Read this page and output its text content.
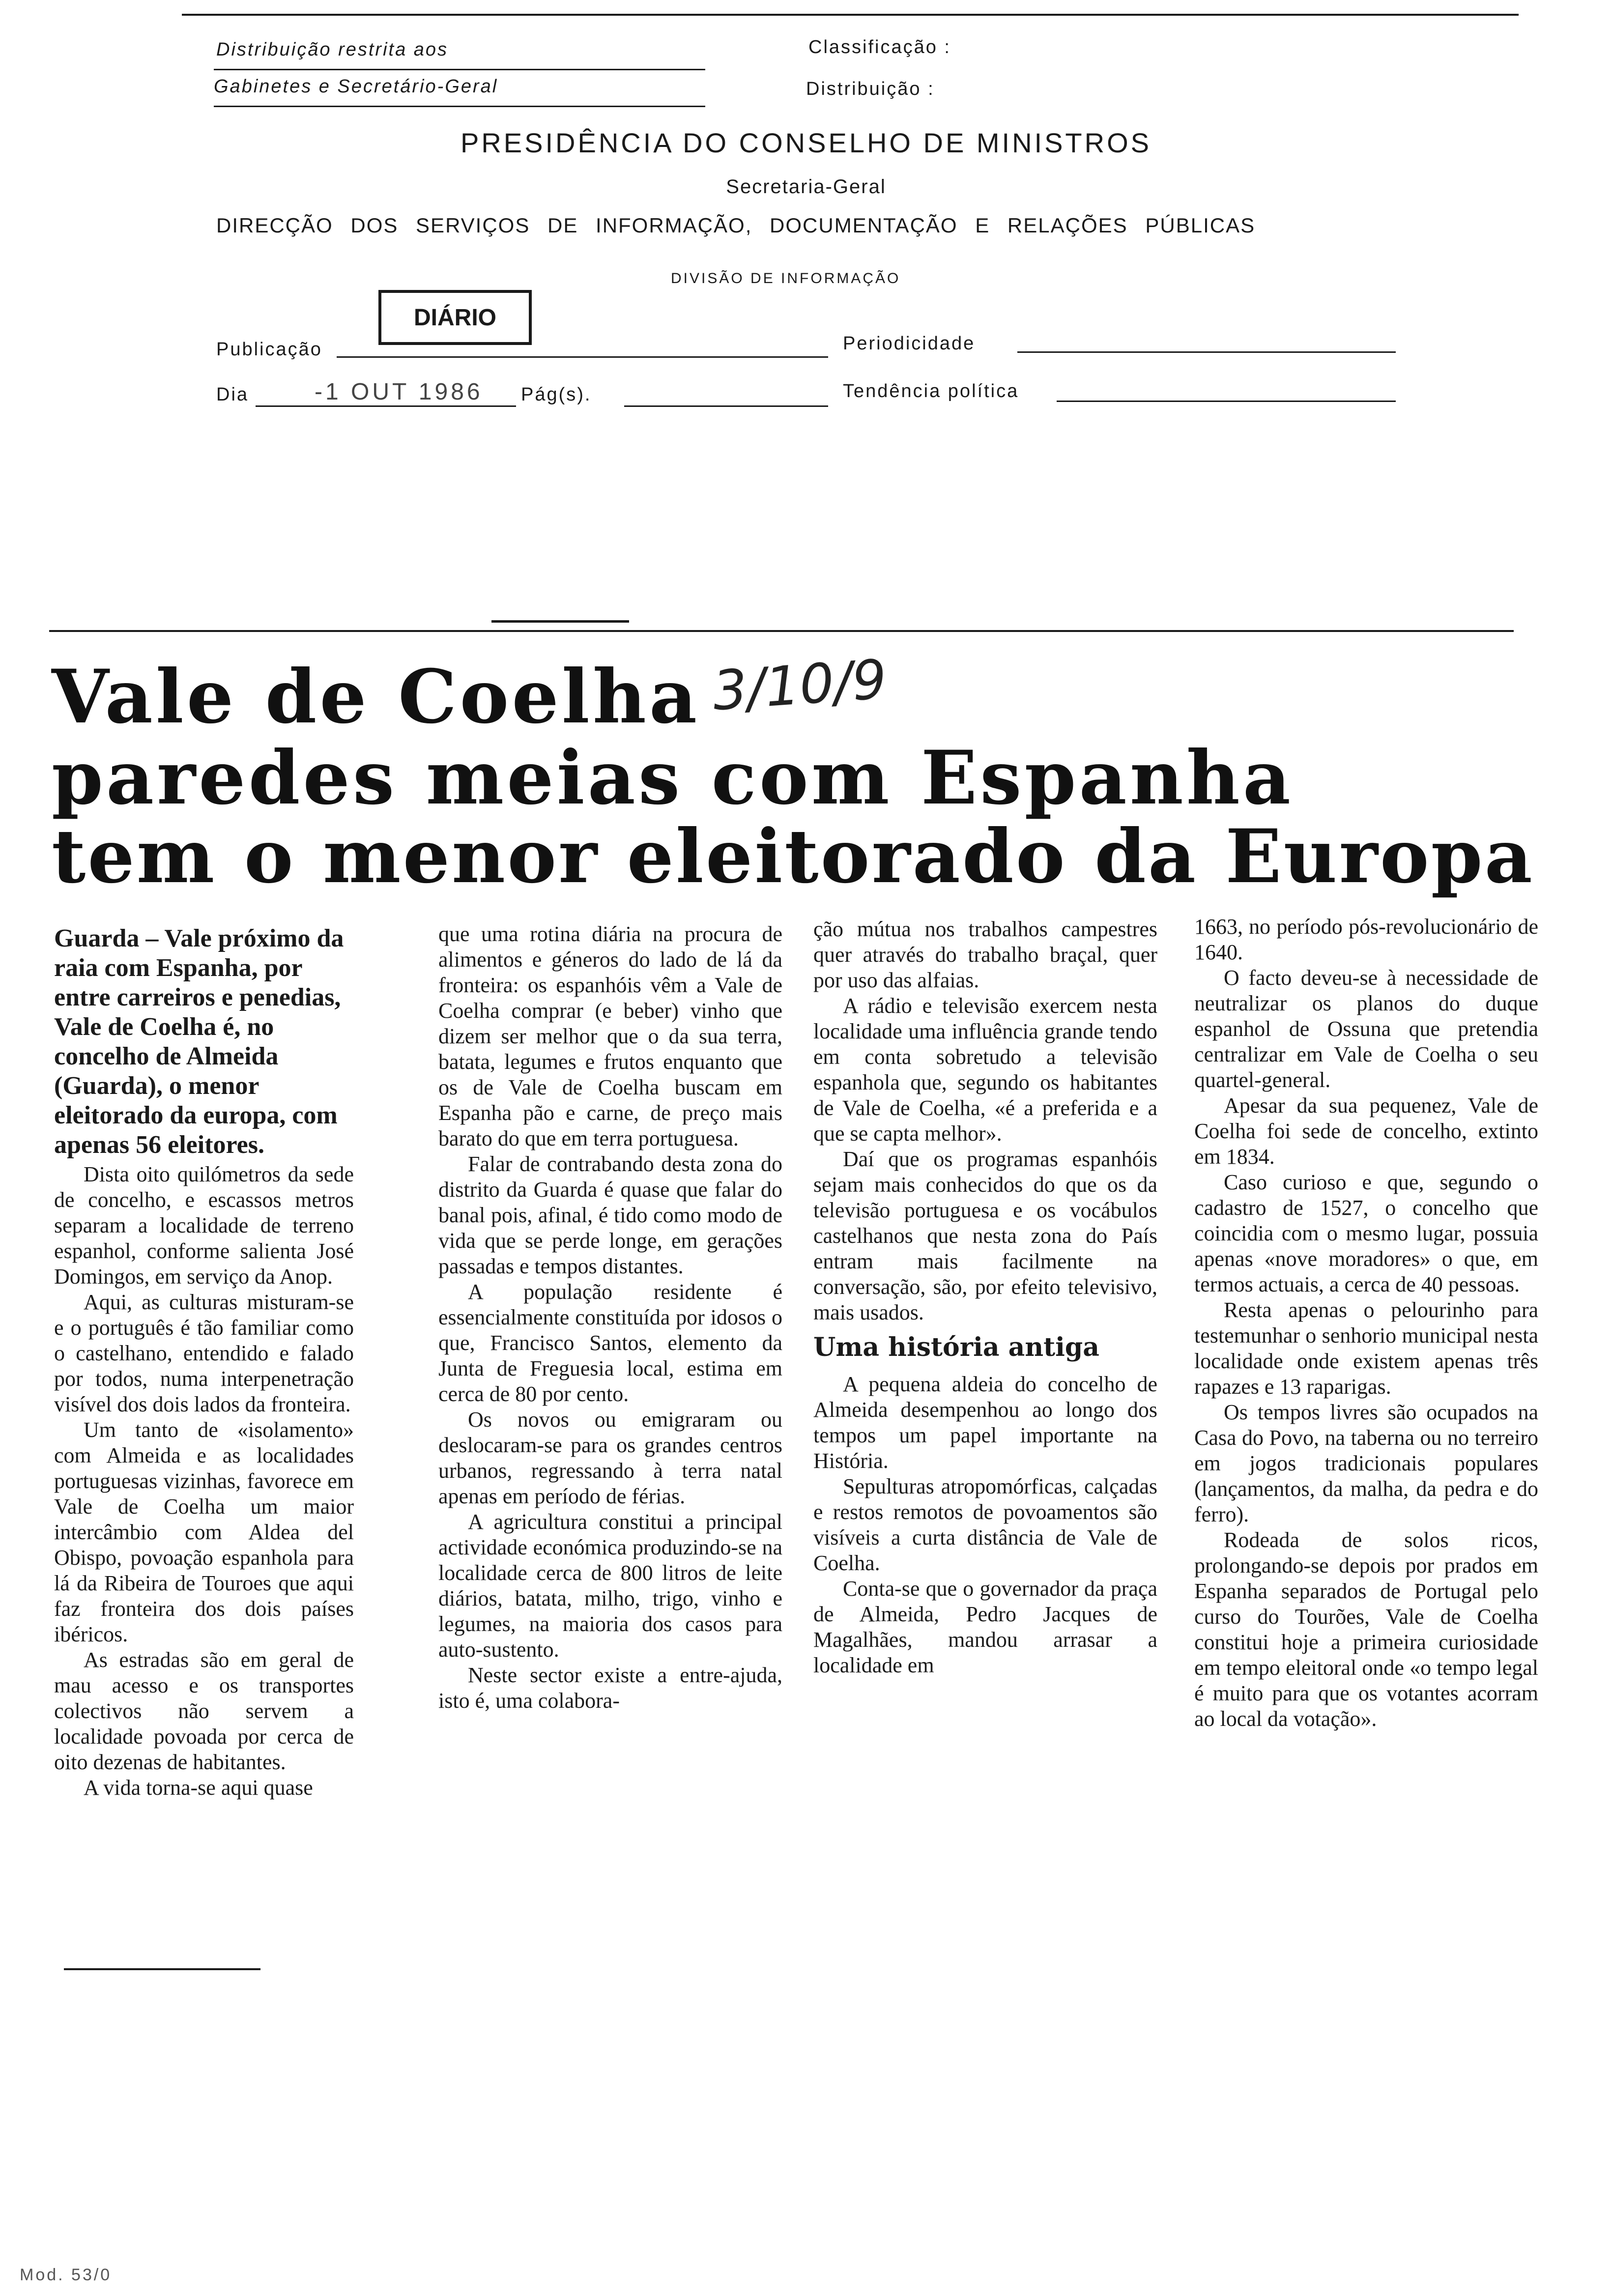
Distribuição restrita aos
Gabinetes e Secretário-Geral
Classificação :
Distribuição :
PRESIDÊNCIA DO CONSELHO DE MINISTROS
Secretaria-Geral
DIRECÇÃO DOS SERVIÇOS DE INFORMAÇÃO, DOCUMENTAÇÃO E RELAÇÕES PÚBLICAS
DIVISÃO DE INFORMAÇÃO
DIÁRIO
Publicação	Periodicidade
Dia	-1 OUT 1986 Pág(s).	Tendência política
Vale de Coelha
paredes meias com Espanha
tem o menor eleitorado da Europa
3/10/9
Guarda – Vale próximo da raia com Espanha, por entre carreiros e penedias, Vale de Coelha é, no concelho de Almeida (Guarda), o menor eleitorado da europa, com apenas 56 eleitores.

Dista oito quilómetros da sede de concelho, e escassos metros separam a localidade de terreno espanhol, conforme salienta José Domingos, em serviço da Anop.

Aqui, as culturas misturam-se e o português é tão familiar como o castelhano, entendido e falado por todos, numa interpenetração visível dos dois lados da fronteira.

Um tanto de «isolamento» com Almeida e as localidades portuguesas vizinhas, favorece em Vale de Coelha um maior intercâmbio com Aldea del Obispo, povoação espanhola para lá da Ribeira de Touroes que aqui faz fronteira dos dois países ibéricos.

As estradas são em geral de mau acesso e os transportes colectivos não servem a localidade povoada por cerca de oito dezenas de habitantes.

A vida torna-se aqui quase

que uma rotina diária na procura de alimentos e géneros do lado de lá da fronteira: os espanhóis vêm a Vale de Coelha comprar (e beber) vinho que dizem ser melhor que o da sua terra, batata, legumes e frutos enquanto que os de Vale de Coelha buscam em Espanha pão e carne, de preço mais barato do que em terra portuguesa.

Falar de contrabando desta zona do distrito da Guarda é quase que falar do banal pois, afinal, é tido como modo de vida que se perde longe, em gerações passadas e tempos distantes.

A população residente é essencialmente constituída por idosos o que, Francisco Santos, elemento da Junta de Freguesia local, estima em cerca de 80 por cento.

Os novos ou emigraram ou deslocaram-se para os grandes centros urbanos, regressando à terra natal apenas em período de férias.

A agricultura constitui a principal actividade económica produzindo-se na localidade cerca de 800 litros de leite diários, batata, milho, trigo, vinho e legumes, na maioria dos casos para auto-sustento.

Neste sector existe a entre-ajuda, isto é, uma colabora-

ção mútua nos trabalhos campestres quer através do trabalho braçal, quer por uso das alfaias.

A rádio e televisão exercem nesta localidade uma influência grande tendo em conta sobretudo a televisão espanhola que, segundo os habitantes de Vale de Coelha, «é a preferida e a que se capta melhor».

Daí que os programas espanhóis sejam mais conhecidos do que os da televisão portuguesa e os vocábulos castelhanos que nesta zona do País entram mais facilmente na conversação, são, por efeito televisivo, mais usados.

Uma história antiga

A pequena aldeia do concelho de Almeida desempenhou ao longo dos tempos um papel importante na História.

Sepulturas atropomórficas, calçadas e restos remotos de povoamentos são visíveis a curta distância de Vale de Coelha.

Conta-se que o governador da praça de Almeida, Pedro Jacques de Magalhães, mandou arrasar a localidade em

1663, no período pós-revolucionário de 1640.

O facto deveu-se à necessidade de neutralizar os planos do duque espanhol de Ossuna que pretendia centralizar em Vale de Coelha o seu quartel-general.

Apesar da sua pequenez, Vale de Coelha foi sede de concelho, extinto em 1834.

Caso curioso e que, segundo o cadastro de 1527, o concelho que coincidia com o mesmo lugar, possuia apenas «nove moradores» o que, em termos actuais, a cerca de 40 pessoas.

Resta apenas o pelourinho para testemunhar o senhorio municipal nesta localidade onde existem apenas três rapazes e 13 raparigas.

Os tempos livres são ocupados na Casa do Povo, na taberna ou no terreiro em jogos tradicionais populares (lançamentos, da malha, da pedra e do ferro).

Rodeada de solos ricos, prolongando-se depois por prados em Espanha separados de Portugal pelo curso do Tourões, Vale de Coelha constitui hoje a primeira curiosidade em tempo eleitoral onde «o tempo legal é muito para que os votantes acorram ao local da votação».

Mod. 53/0
